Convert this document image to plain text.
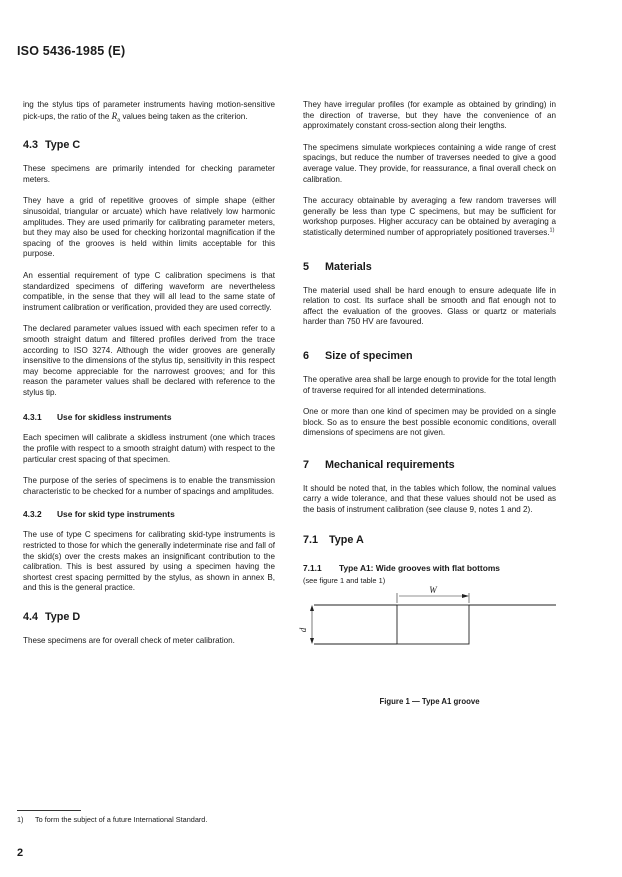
ISO 5436-1985 (E)

ing the stylus tips of parameter instruments having motion-sensitive pick-ups, the ratio of the $R_a$ values being taken as the criterion.

4.3 Type C

These specimens are primarily intended for checking parameter meters.

They have a grid of repetitive grooves of simple shape (either sinusoidal, triangular or arcuate) which have relatively low harmonic amplitudes. They are used primarily for calibrating parameter meters, but they may also be used for checking horizontal magnification if the spacing of the grooves is held within limits acceptable for this purpose.

An essential requirement of type C calibration specimens is that standardized specimens of differing waveform are nevertheless compatible, in the sense that they will all lead to the same state of instrument calibration or verification, provided they are used correctly.

The declared parameter values issued with each specimen refer to a smooth straight datum and filtered profiles derived from the trace according to ISO 3274. Although the wider grooves are generally insensitive to the dimensions of the stylus tip, sensitivity in this respect may become appreciable for the narrowest grooves; and for this reason the parameter values shall be declared with reference to the stylus tip.

4.3.1 Use for skidless instruments

Each specimen will calibrate a skidless instrument (one which traces the profile with respect to a smooth straight datum) with respect to the particular crest spacing of that specimen.

The purpose of the series of specimens is to enable the transmission characteristic to be checked for a number of spacings and amplitudes.

4.3.2 Use for skid type instruments

The use of type C specimens for calibrating skid-type instruments is restricted to those for which the generally indeterminate rise and fall of the skid(s) over the crests makes an insignificant contribution to the calibration. This is best assured by using a specimen having the shortest crest spacing permitted by the stylus, as shown in annex B, and this is the general practice.

4.4 Type D

These specimens are for overall check of meter calibration.

They have irregular profiles (for example as obtained by grinding) in the direction of traverse, but they have the convenience of an approximately constant cross-section along their lengths.

The specimens simulate workpieces containing a wide range of crest spacings, but reduce the number of traverses needed to give a good average value. They provide, for reassurance, a final overall check on calibration.

The accuracy obtainable by averaging a few random traverses will generally be less than type C specimens, but may be sufficient for workshop purposes. Higher accuracy can be obtained by averaging a statistically determined number of appropriately positioned traverses.$^{1)}$

5 Materials

The material used shall be hard enough to ensure adequate life in relation to cost. Its surface shall be smooth and flat enough not to affect the evaluation of the grooves. Glass or quartz or materials harder than 750 HV are favoured.

6 Size of specimen

The operative area shall be large enough to provide for the total length of traverse required for all intended determinations.

One or more than one kind of specimen may be provided on a single block. So as to ensure the best possible economic conditions, overall dimensions of specimens are not given.

7 Mechanical requirements

It should be noted that, in the tables which follow, the nominal values carry a wide tolerance, and that these values should not be used as the basis of instrument calibration (see clause 9, notes 1 and 2).

7.1 Type A
7.1.1 Type A1: Wide grooves with flat bottoms

(see figure 1 and table 1)

W
d
Figure 1 — Type A1 groove
1) To form the subject of a future International Standard.
2
